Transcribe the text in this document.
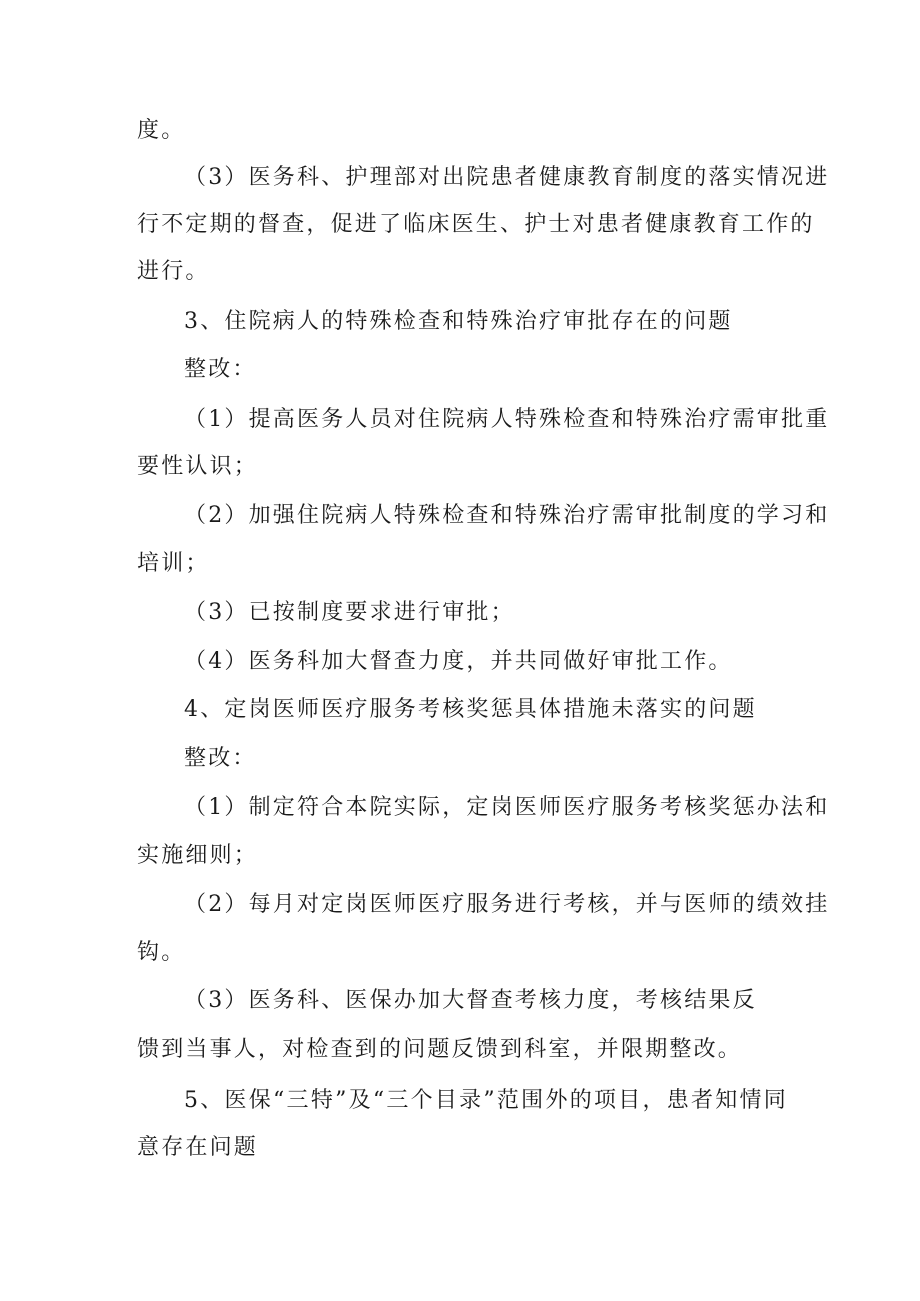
度。
（3）医务科、护理部对出院患者健康教育制度的落实情况进
行不定期的督查，促进了临床医生、护士对患者健康教育工作的
进行。
3、住院病人的特殊检查和特殊治疗审批存在的问题
整改：
（1）提高医务人员对住院病人特殊检查和特殊治疗需审批重
要性认识；
（2）加强住院病人特殊检查和特殊治疗需审批制度的学习和
培训；
（3）已按制度要求进行审批；
（4）医务科加大督查力度，并共同做好审批工作。
4、定岗医师医疗服务考核奖惩具体措施未落实的问题
整改：
（1）制定符合本院实际，定岗医师医疗服务考核奖惩办法和
实施细则；
（2）每月对定岗医师医疗服务进行考核，并与医师的绩效挂
钩。
（3）医务科、医保办加大督查考核力度，考核结果反
馈到当事人，对检查到的问题反馈到科室，并限期整改。
5、医保“三特”及“三个目录”范围外的项目，患者知情同
意存在问题
